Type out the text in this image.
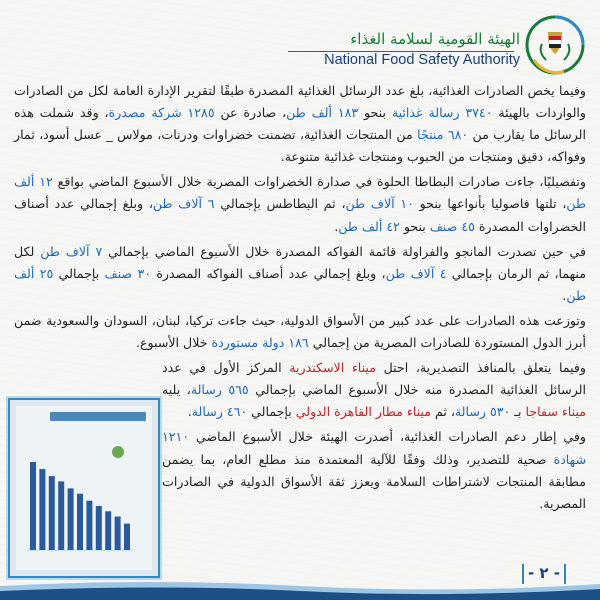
الهيئة القومية لسلامة الغذاء
National Food Safety Authority

وفيما يخص الصادرات الغذائية، بلغ عدد الرسائل الغذائية المصدرة طبقًا لتقرير الإدارة العامة لكل من الصادرات والواردات بالهيئة ٣٧٤٠ رسالة غذائية بنحو ١٨٣ ألف طن، صادرة عن ١٢٨٥ شركة مصدرة، وقد شملت هذه الرسائل ما يقارب من ٦٨٠ منتجًا من المنتجات الغذائية، تضمنت خضراوات ودرنات، مولاس _ عسل أسود، ثمار وفواكه، دقيق ومنتجات من الحبوب ومنتجات غذائية متنوعة.

وتفصيليًا، جاءت صادرات البطاطا الحلوة في صدارة الخضراوات المصرية خلال الأسبوع الماضي بواقع ١٢ ألف طن، تلتها فاصوليا بأنواعها بنحو ١٠ آلاف طن، ثم البطاطس بإجمالي ٦ آلاف طن، وبلغ إجمالي عدد أصناف الخضراوات المصدرة ٤٥ صنف بنحو ٤٢ ألف طن.

في حين تصدرت المانجو والفراولة قائمة الفواكه المصدرة خلال الأسبوع الماضي بإجمالي ٧ آلاف طن لكل منهما، ثم الرمان بإجمالي ٤ آلاف طن، وبلغ إجمالي عدد أصناف الفواكه المصدرة ٣٠ صنف بإجمالي ٢٥ ألف طن.

وتوزعت هذه الصادرات على عدد كبير من الأسواق الدولية، حيث جاءت تركيا، لبنان، السودان والسعودية ضمن أبرز الدول المستوردة للصادرات المصرية من إجمالي ١٨٦ دولة مستوردة خلال الأسبوع.

وفيما يتعلق بالمنافذ التصديرية، احتل ميناء الاسكندرية المركز الأول في عدد الرسائل الغذائية المصدرة منه خلال الأسبوع الماضي بإجمالي ٥٦٥ رسالة، يليه ميناء سفاجا بـ ٥٣٠ رسالة، ثم ميناء مطار القاهرة الدولي بإجمالي ٤٦٠ رسالة.

وفي إطار دعم الصادرات الغذائية، أصدرت الهيئة خلال الأسبوع الماضي ١٢١٠ شهادة صحية للتصدير، وذلك وفقًا للآلية المعتمدة منذ مطلع العام، بما يضمن مطابقة المنتجات لاشتراطات السلامة ويعزز ثقة الأسواق الدولية في الصادرات المصرية.

- ٢ -
